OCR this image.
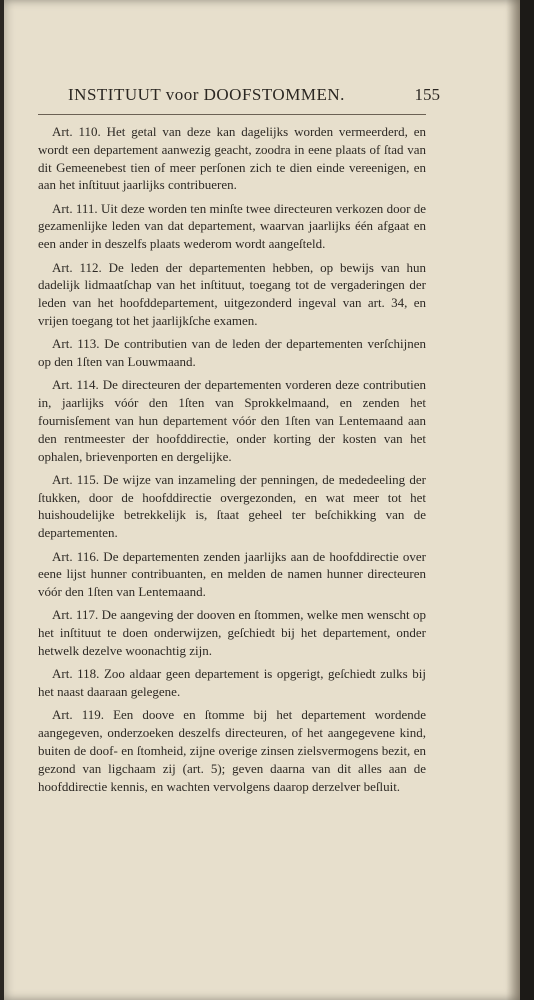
INSTITUUT voor DOOFSTOMMEN.	155

Art. 110. Het getal van deze kan dagelijks worden vermeerderd, en wordt een departement aanwezig geacht, zoodra in eene plaats of ſtad van dit Gemeenebest tien of meer perſonen zich te dien einde vereenigen, en aan het inſtituut jaarlijks contribueren.

Art. 111. Uit deze worden ten minſte twee directeuren verkozen door de gezamenlijke leden van dat departement, waarvan jaarlijks één afgaat en een ander in deszelfs plaats wederom wordt aangeſteld.

Art. 112. De leden der departementen hebben, op bewijs van hun dadelijk lidmaatſchap van het inſtituut, toegang tot de vergaderingen der leden van het hoofddepartement, uitgezonderd ingeval van art. 34, en vrijen toegang tot het jaarlijkſche examen.

Art. 113. De contributien van de leden der departementen verſchijnen op den 1ſten van Louwmaand.

Art. 114. De directeuren der departementen vorderen deze contributien in, jaarlijks vóór den 1ſten van Sprokkelmaand, en zenden het fournisſement van hun departement vóór den 1ſten van Lentemaand aan den rentmeester der hoofddirectie, onder korting der kosten van het ophalen, brievenporten en dergelijke.

Art. 115. De wijze van inzameling der penningen, de mededeeling der ſtukken, door de hoofddirectie overgezonden, en wat meer tot het huishoudelijke betrekkelijk is, ſtaat geheel ter beſchikking van de departementen.

Art. 116. De departementen zenden jaarlijks aan de hoofddirectie over eene lijst hunner contribuanten, en melden de namen hunner directeuren vóór den 1ſten van Lentemaand.

Art. 117. De aangeving der dooven en ſtommen, welke men wenscht op het inſtituut te doen onderwijzen, geſchiedt bij het departement, onder hetwelk dezelve woonachtig zijn.

Art. 118. Zoo aldaar geen departement is opgerigt, geſchiedt zulks bij het naast daaraan gelegene.

Art. 119. Een doove en ſtomme bij het departement wordende aangegeven, onderzoeken deszelfs directeuren, of het aangegevene kind, buiten de doof- en ſtomheid, zijne overige zinsen zielsvermogens bezit, en gezond van ligchaam zij (art. 5); geven daarna van dit alles aan de hoofddirectie kennis, en wachten vervolgens daarop derzelver beſluit.
